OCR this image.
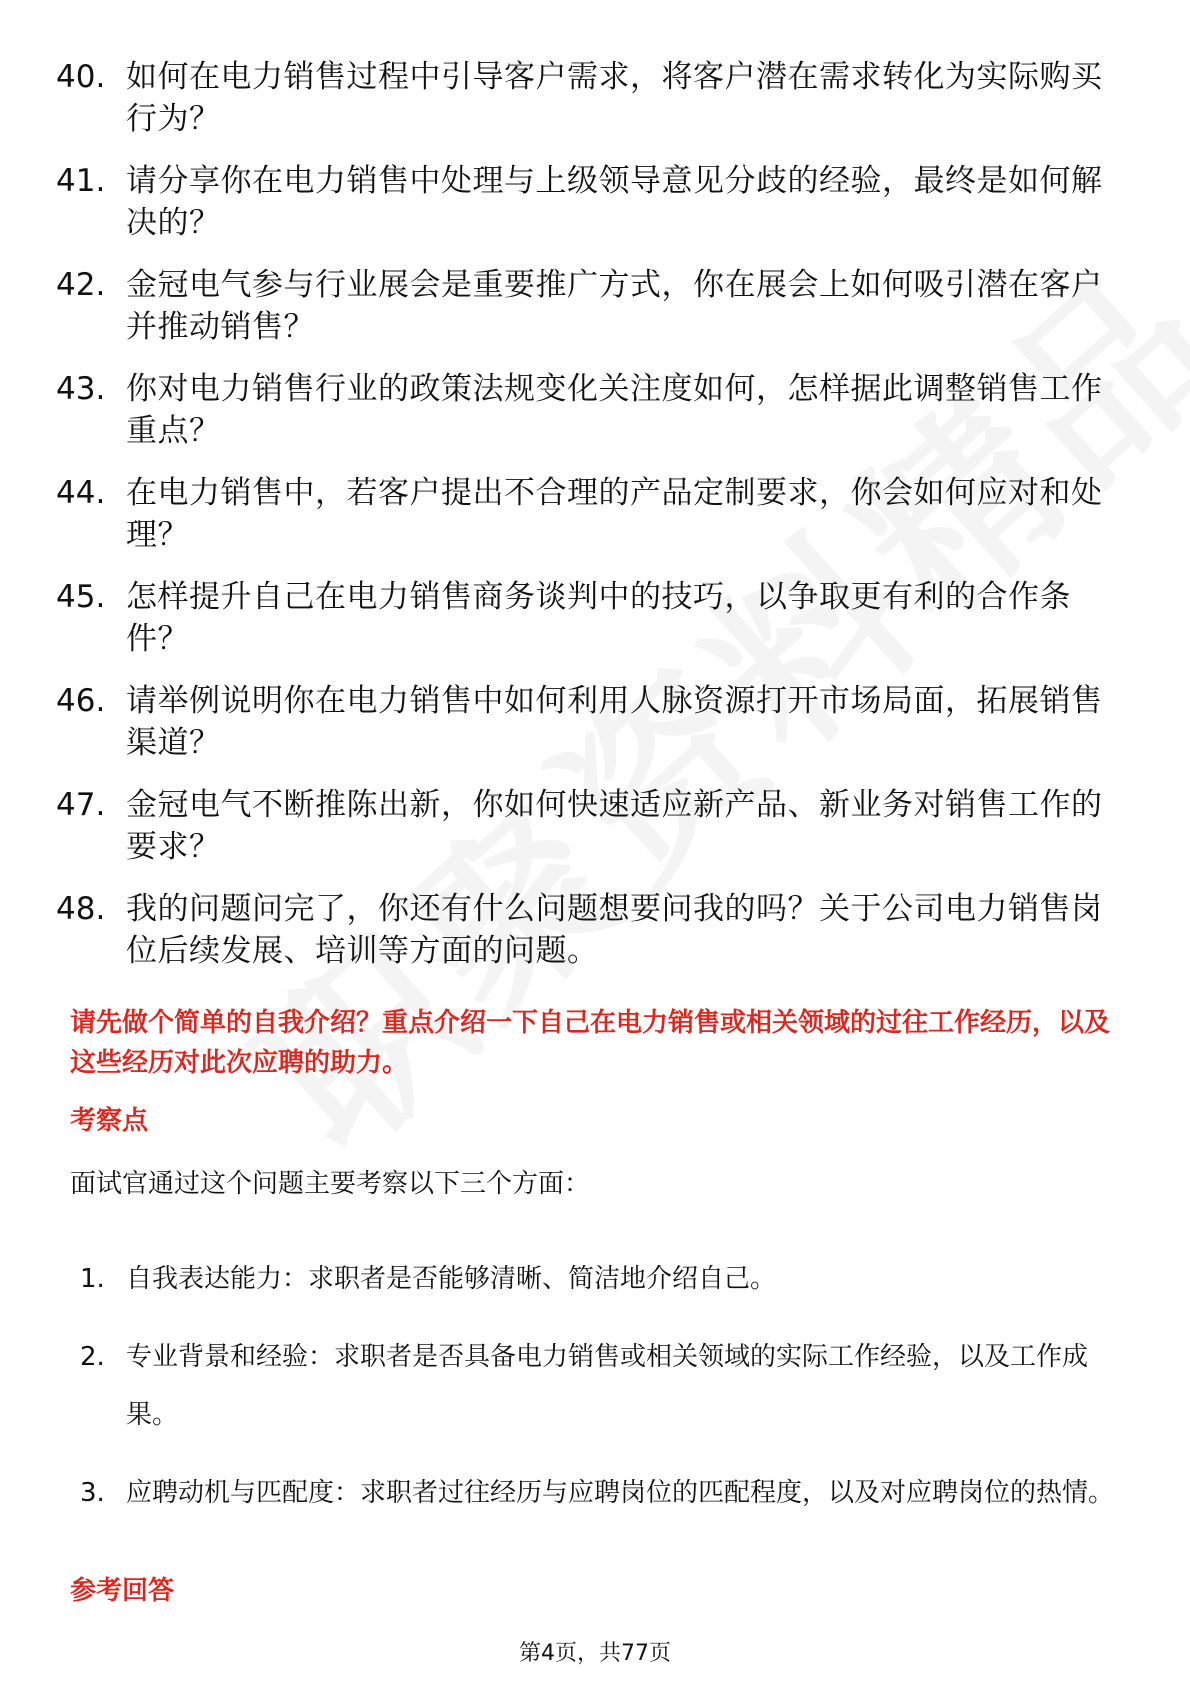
40. 如何在电力销售过程中引导客户需求，将客户潜在需求转化为实际购买行为？
41. 请分享你在电力销售中处理与上级领导意见分歧的经验，最终是如何解决的？
42. 金冠电气参与行业展会是重要推广方式，你在展会上如何吸引潜在客户并推动销售？
43. 你对电力销售行业的政策法规变化关注度如何，怎样据此调整销售工作重点？
44. 在电力销售中，若客户提出不合理的产品定制要求，你会如何应对和处理？
45. 怎样提升自己在电力销售商务谈判中的技巧，以争取更有利的合作条件？
46. 请举例说明你在电力销售中如何利用人脉资源打开市场局面，拓展销售渠道？
47. 金冠电气不断推陈出新，你如何快速适应新产品、新业务对销售工作的要求？
48. 我的问题问完了，你还有什么问题想要问我的吗？关于公司电力销售岗位后续发展、培训等方面的问题。

请先做个简单的自我介绍？重点介绍一下自己在电力销售或相关领域的过往工作经历，以及这些经历对此次应聘的助力。

考察点

面试官通过这个问题主要考察以下三个方面：

1. 自我表达能力：求职者是否能够清晰、简洁地介绍自己。
2. 专业背景和经验：求职者是否具备电力销售或相关领域的实际工作经验，以及工作成果。
3. 应聘动机与匹配度：求职者过往经历与应聘岗位的匹配程度，以及对应聘岗位的热情。

参考回答

第4页，共77页
